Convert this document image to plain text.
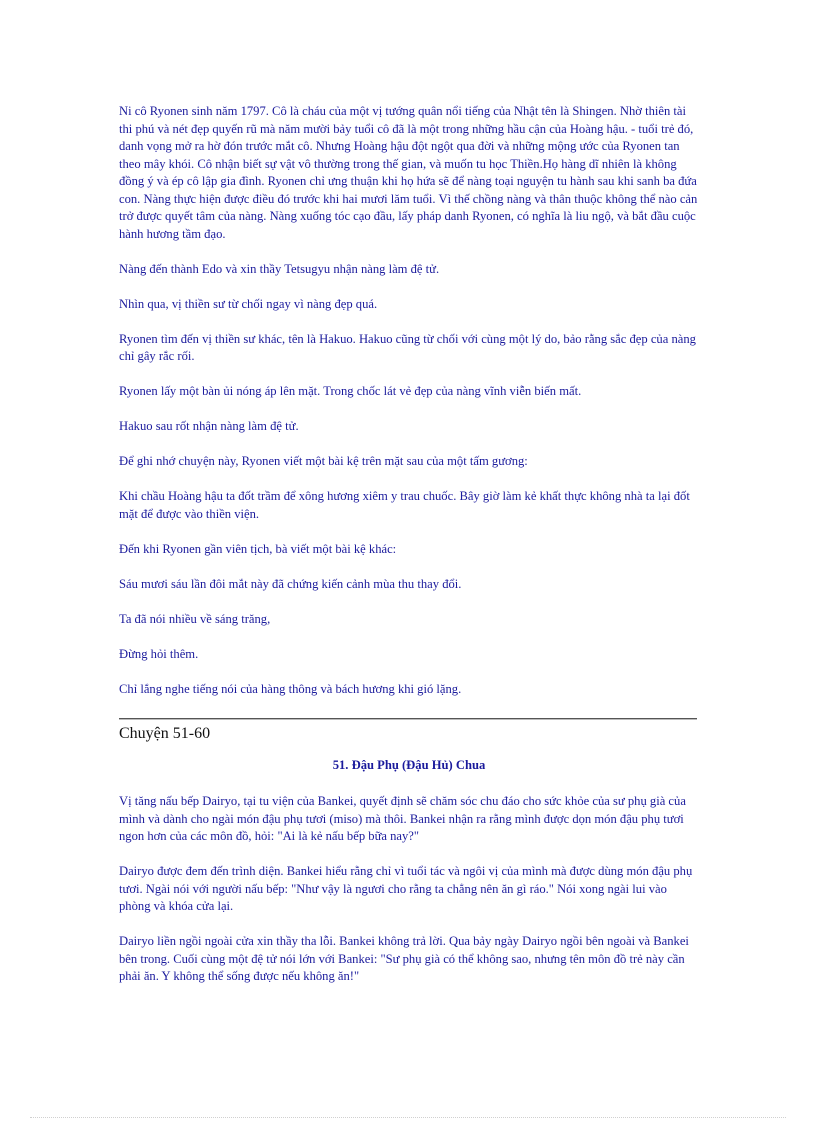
Ni cô Ryonen sinh năm 1797. Cô là cháu của một vị tướng quân nổi tiếng của Nhật tên là Shingen. Nhờ thiên tài thi phú và nét đẹp quyến rũ mà năm mười bảy tuổi cô đã là một trong những hầu cận của Hoàng hậu. - tuổi trẻ đó, danh vọng mở ra hờ đón trước mắt cô. Nhưng Hoàng hậu đột ngột qua đời và những mộng ước của Ryonen tan theo mây khói. Cô nhận biết sự vật vô thường trong thế gian, và muốn tu học Thiền.Họ hàng dĩ nhiên là không đồng ý và ép cô lập gia đình. Ryonen chỉ ưng thuận khi họ hứa sẽ để nàng toại nguyện tu hành sau khi sanh ba đứa con. Nàng thực hiện được điều đó trước khi hai mươi lăm tuổi. Vì thế chồng nàng và thân thuộc không thể nào cản trở được quyết tâm của nàng. Nàng xuống tóc cạo đầu, lấy pháp danh Ryonen, có nghĩa là liu ngộ, và bắt đầu cuộc hành hương tầm đạo.

Nàng đến thành Edo và xin thầy Tetsugyu nhận nàng làm đệ tử.

Nhìn qua, vị thiền sư từ chối ngay vì nàng đẹp quá.

Ryonen tìm đến vị thiền sư khác, tên là Hakuo. Hakuo cũng từ chối với cùng một lý do, bảo rằng sắc đẹp của nàng chỉ gây rắc rối.

Ryonen lấy một bàn ủi nóng áp lên mặt. Trong chốc lát vẻ đẹp của nàng vĩnh viễn biến mất.

Hakuo sau rốt nhận nàng làm đệ tử.

Để ghi nhớ chuyện này, Ryonen viết một bài kệ trên mặt sau của một tấm gương:

Khi chầu Hoàng hậu ta đốt trầm để xông hương xiêm y trau chuốc. Bây giờ làm kẻ khất thực không nhà ta lại đốt mặt để được vào thiền viện.

Đến khi Ryonen gần viên tịch, bà viết một bài kệ khác:

Sáu mươi sáu lần đôi mắt này đã chứng kiến cảnh mùa thu thay đổi.

Ta đã nói nhiều về sáng trăng,

Đừng hỏi thêm.

Chỉ lắng nghe tiếng nói của hàng thông và bách hương khi gió lặng.

Chuyện 51-60
51. Đậu Phụ (Đậu Hủ) Chua

Vị tăng nấu bếp Dairyo, tại tu viện của Bankei, quyết định sẽ chăm sóc chu đáo cho sức khỏe của sư phụ già của mình và dành cho ngài món đậu phụ tươi (miso) mà thôi. Bankei nhận ra rằng mình được dọn món đậu phụ tươi ngon hơn của các môn đồ, hỏi: "Ai là kẻ nấu bếp bữa nay?"

Dairyo được đem đến trình diện. Bankei hiểu rằng chỉ vì tuổi tác và ngôi vị của mình mà được dùng món đậu phụ tươi. Ngài nói với người nấu bếp: "Như vậy là ngươi cho rằng ta chẳng nên ăn gì ráo." Nói xong ngài lui vào phòng và khóa cửa lại.

Dairyo liền ngồi ngoài cửa xin thầy tha lỗi. Bankei không trả lời. Qua bảy ngày Dairyo ngồi bên ngoài và Bankei bên trong. Cuối cùng một đệ tử nói lớn với Bankei: "Sư phụ già có thể không sao, nhưng tên môn đồ trẻ này cần phải ăn. Y không thể sống được nếu không ăn!"
